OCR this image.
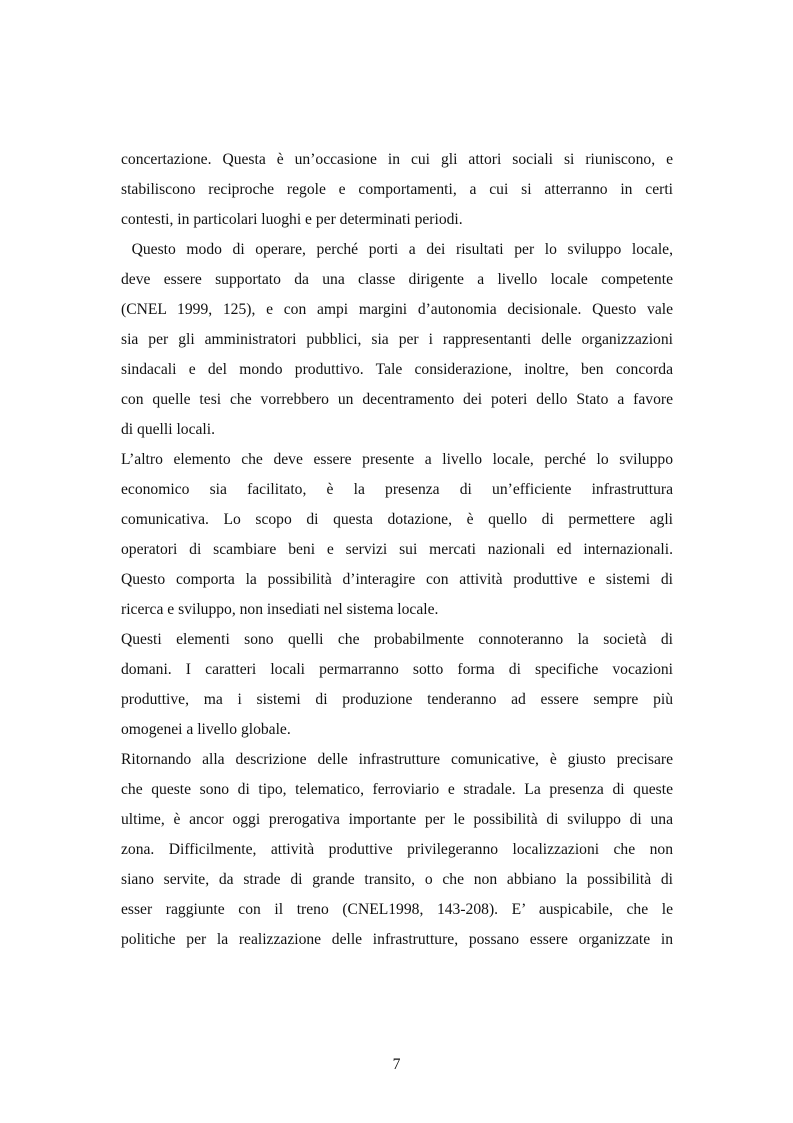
concertazione. Questa è un’occasione in cui gli attori sociali si riuniscono, e
stabiliscono reciproche regole e comportamenti, a cui si atterranno in certi
contesti, in particolari luoghi e per determinati periodi.
Questo modo di operare, perché porti a dei risultati per lo sviluppo locale,
deve essere supportato da una classe dirigente a livello locale competente
(CNEL 1999, 125), e con ampi margini d’autonomia decisionale. Questo vale
sia per gli amministratori pubblici, sia per i rappresentanti delle organizzazioni
sindacali e del mondo produttivo. Tale considerazione, inoltre, ben concorda
con quelle tesi che vorrebbero un decentramento dei poteri dello Stato a favore
di quelli locali.
L’altro elemento che deve essere presente a livello locale, perché lo sviluppo
economico sia facilitato, è la presenza di un’efficiente infrastruttura
comunicativa. Lo scopo di questa dotazione, è quello di permettere agli
operatori di scambiare beni e servizi sui mercati nazionali ed internazionali.
Questo comporta la possibilità d’interagire con attività produttive e sistemi di
ricerca e sviluppo, non insediati nel sistema locale.
Questi elementi sono quelli che probabilmente connoteranno la società di
domani. I caratteri locali permarranno sotto forma di specifiche vocazioni
produttive, ma i sistemi di produzione tenderanno ad essere sempre più
omogenei a livello globale.
Ritornando alla descrizione delle infrastrutture comunicative, è giusto precisare
che queste sono di tipo, telematico, ferroviario e stradale. La presenza di queste
ultime, è ancor oggi prerogativa importante per le possibilità di sviluppo di una
zona. Difficilmente, attività produttive privilegeranno localizzazioni che non
siano servite, da strade di grande transito, o che non abbiano la possibilità di
esser raggiunte con il treno (CNEL1998, 143-208). E’ auspicabile, che le
politiche per la realizzazione delle infrastrutture, possano essere organizzate in
7
